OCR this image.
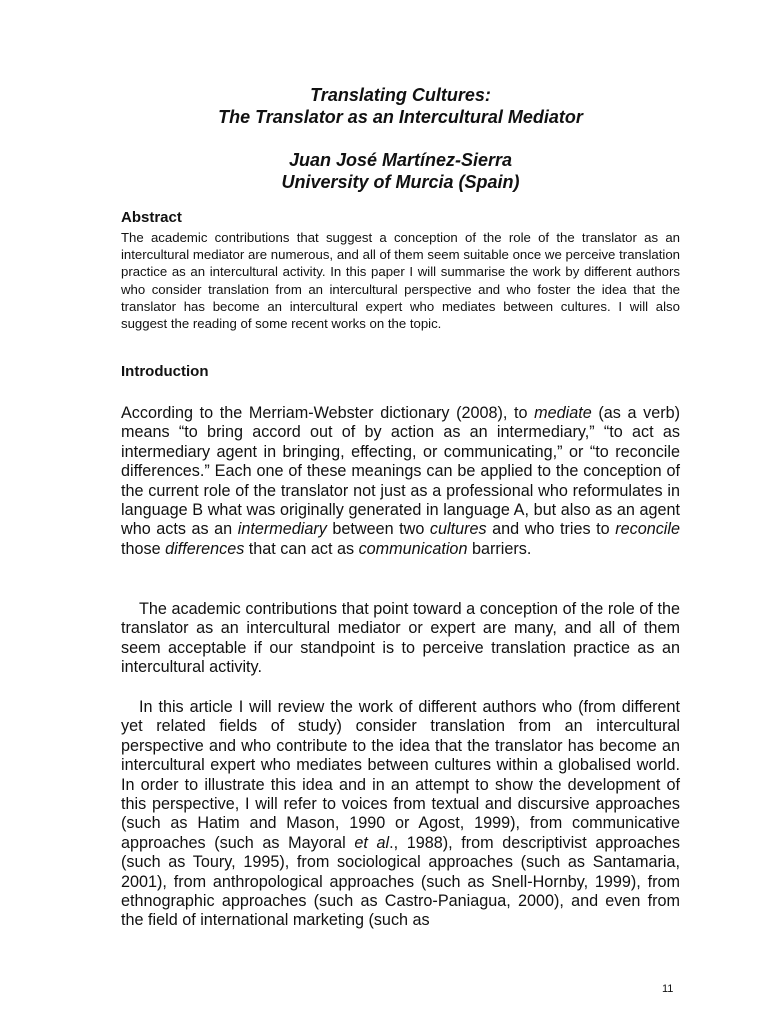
Translating Cultures:
The Translator as an Intercultural Mediator
Juan José Martínez-Sierra
University of Murcia (Spain)
Abstract
The academic contributions that suggest a conception of the role of the translator as an intercultural mediator are numerous, and all of them seem suitable once we perceive translation practice as an intercultural activity. In this paper I will summarise the work by different authors who consider translation from an intercultural perspective and who foster the idea that the translator has become an intercultural expert who mediates between cultures. I will also suggest the reading of some recent works on the topic.
Introduction

According to the Merriam-Webster dictionary (2008), to mediate (as a verb) means “to bring accord out of by action as an intermediary,” “to act as intermediary agent in bringing, effecting, or communicating,” or “to reconcile differences.” Each one of these meanings can be applied to the conception of the current role of the translator not just as a professional who reformulates in language B what was originally generated in language A, but also as an agent who acts as an intermediary between two cultures and who tries to reconcile those differences that can act as communication barriers.

The academic contributions that point toward a conception of the role of the translator as an intercultural mediator or expert are many, and all of them seem acceptable if our standpoint is to perceive translation practice as an intercultural activity.

In this article I will review the work of different authors who (from different yet related fields of study) consider translation from an intercultural perspective and who contribute to the idea that the translator has become an intercultural expert who mediates between cultures within a globalised world. In order to illustrate this idea and in an attempt to show the development of this perspective, I will refer to voices from textual and discursive approaches (such as Hatim and Mason, 1990 or Agost, 1999), from communicative approaches (such as Mayoral et al., 1988), from descriptivist approaches (such as Toury, 1995), from sociological approaches (such as Santamaria, 2001), from anthropological approaches (such as Snell-Hornby, 1999), from ethnographic approaches (such as Castro-Paniagua, 2000), and even from the field of international marketing (such as

11
